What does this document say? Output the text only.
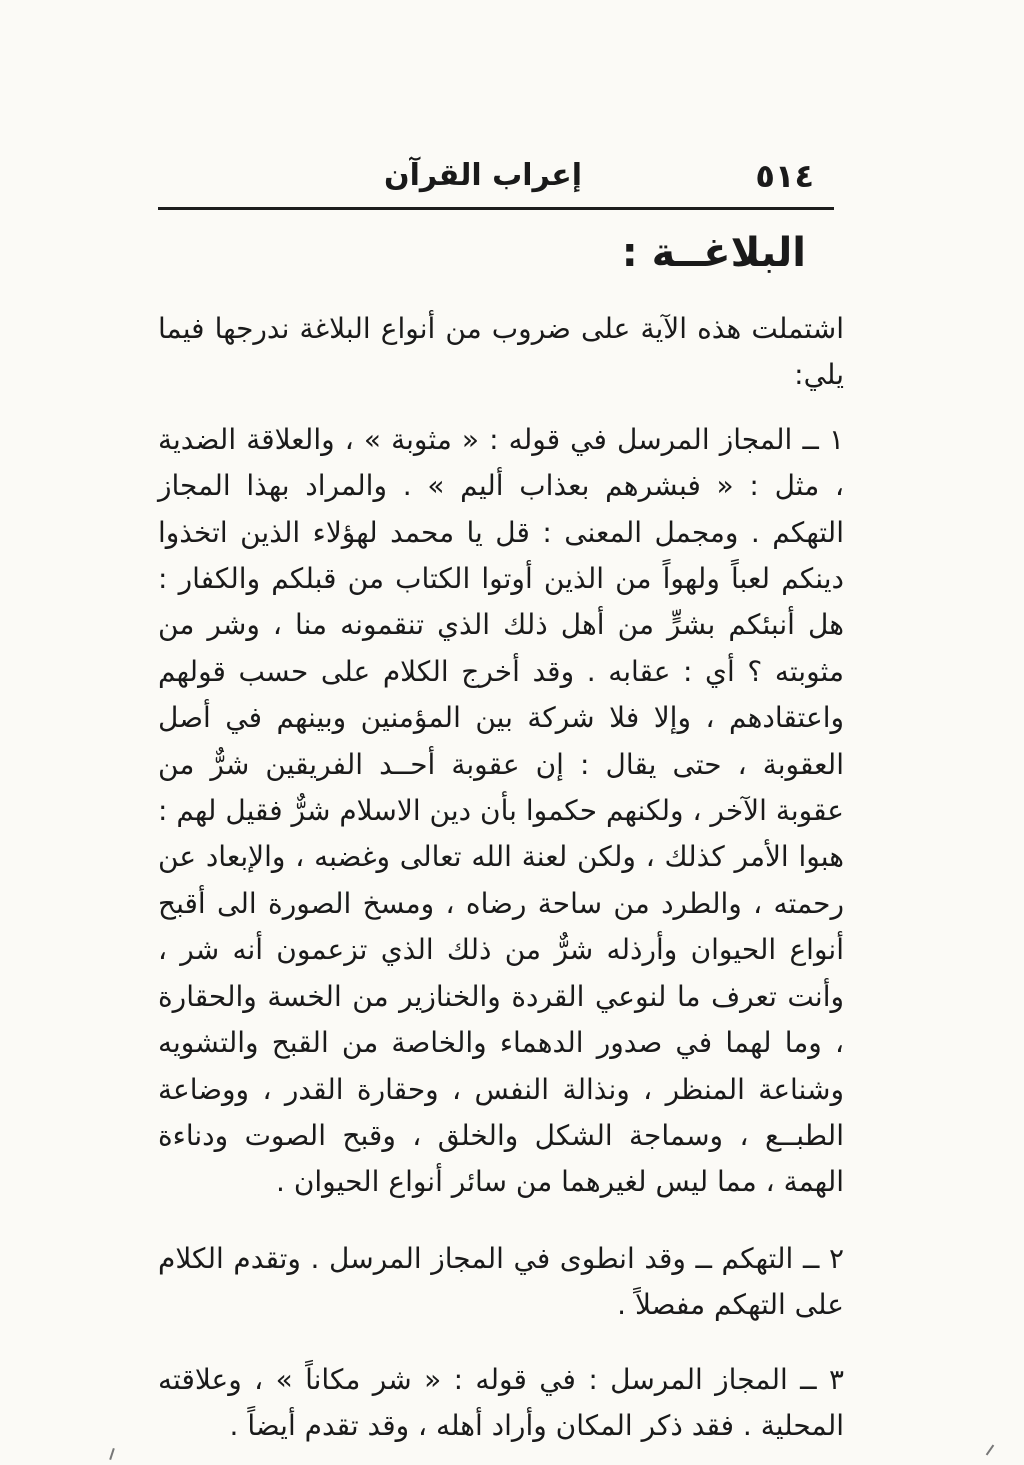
٥١٤
إعراب القرآن
البلاغــة :

اشتملت هذه الآية على ضروب من أنواع البلاغة ندرجها فيما يلي:

١ ــ المجاز المرسل في قوله : « مثوبة » ، والعلاقة الضدية ، مثل : « فبشرهم بعذاب أليم » . والمراد بهذا المجاز التهكم . ومجمل المعنى : قل يا محمد لهؤلاء الذين اتخذوا دينكم لعباً ولهواً من الذين أوتوا الكتاب من قبلكم والكفار : هل أنبئكم بشرٍّ من أهل ذلك الذي تنقمونه منا ، وشر من مثوبته ؟ أي : عقابه . وقد أخرج الكلام على حسب قولهم واعتقادهم ، وإلا فلا شركة بين المؤمنين وبينهم في أصل العقوبة ، حتى يقال : إن عقوبة أحــد الفريقين شرٌّ من عقوبة الآخر ، ولكنهم حكموا بأن دين الاسلام شرٌّ فقيل لهم : هبوا الأمر كذلك ، ولكن لعنة الله تعالى وغضبه ، والإبعاد عن رحمته ، والطرد من ساحة رضاه ، ومسخ الصورة الى أقبح أنواع الحيوان وأرذله شرٌّ من ذلك الذي تزعمون أنه شر ، وأنت تعرف ما لنوعي القردة والخنازير من الخسة والحقارة ، وما لهما في صدور الدهماء والخاصة من القبح والتشويه وشناعة المنظر ، ونذالة النفس ، وحقارة القدر ، ووضاعة الطبــع ، وسماجة الشكل والخلق ، وقبح الصوت ودناءة الهمة ، مما ليس لغيرهما من سائر أنواع الحيوان .

٢ ــ التهكم ــ وقد انطوى في المجاز المرسل . وتقدم الكلام على التهكم مفصلاً .

٣ ــ المجاز المرسل : في قوله : « شر مكاناً » ، وعلاقته المحلية . فقد ذكر المكان وأراد أهله ، وقد تقدم أيضاً .
